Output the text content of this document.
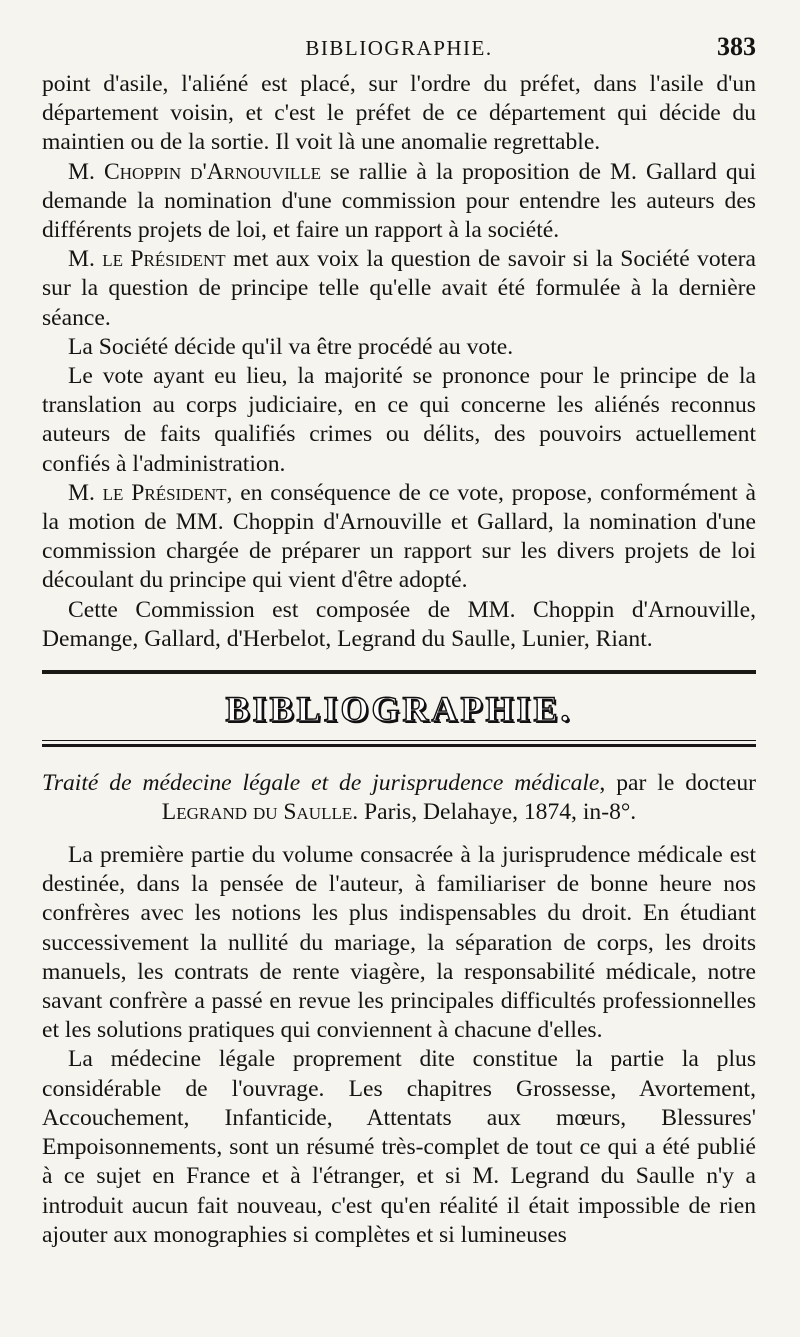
BIBLIOGRAPHIE.	383

point d'asile, l'aliéné est placé, sur l'ordre du préfet, dans l'asile d'un département voisin, et c'est le préfet de ce département qui décide du maintien ou de la sortie. Il voit là une anomalie regrettable.

M. Choppin d'Arnouville se rallie à la proposition de M. Gallard qui demande la nomination d'une commission pour entendre les auteurs des différents projets de loi, et faire un rapport à la société.

M. le Président met aux voix la question de savoir si la Société votera sur la question de principe telle qu'elle avait été formulée à la dernière séance.

La Société décide qu'il va être procédé au vote.

Le vote ayant eu lieu, la majorité se prononce pour le principe de la translation au corps judiciaire, en ce qui concerne les aliénés reconnus auteurs de faits qualifiés crimes ou délits, des pouvoirs actuellement confiés à l'administration.

M. le Président, en conséquence de ce vote, propose, conformément à la motion de MM. Choppin d'Arnouville et Gallard, la nomination d'une commission chargée de préparer un rapport sur les divers projets de loi découlant du principe qui vient d'être adopté.

Cette Commission est composée de MM. Choppin d'Arnouville, Demange, Gallard, d'Herbelot, Legrand du Saulle, Lunier, Riant.

BIBLIOGRAPHIE.
Traité de médecine légale et de jurisprudence médicale, par le docteur
Legrand du Saulle. Paris, Delahaye, 1874, in-8°.

La première partie du volume consacrée à la jurisprudence médicale est destinée, dans la pensée de l'auteur, à familiariser de bonne heure nos confrères avec les notions les plus indispensables du droit. En étudiant successivement la nullité du mariage, la séparation de corps, les droits manuels, les contrats de rente viagère, la responsabilité médicale, notre savant confrère a passé en revue les principales difficultés professionnelles et les solutions pratiques qui conviennent à chacune d'elles.

La médecine légale proprement dite constitue la partie la plus considérable de l'ouvrage. Les chapitres Grossesse, Avortement, Accouchement, Infanticide, Attentats aux mœurs, Blessures' Empoisonnements, sont un résumé très-complet de tout ce qui a été publié à ce sujet en France et à l'étranger, et si M. Legrand du Saulle n'y a introduit aucun fait nouveau, c'est qu'en réalité il était impossible de rien ajouter aux monographies si complètes et si lumineuses
